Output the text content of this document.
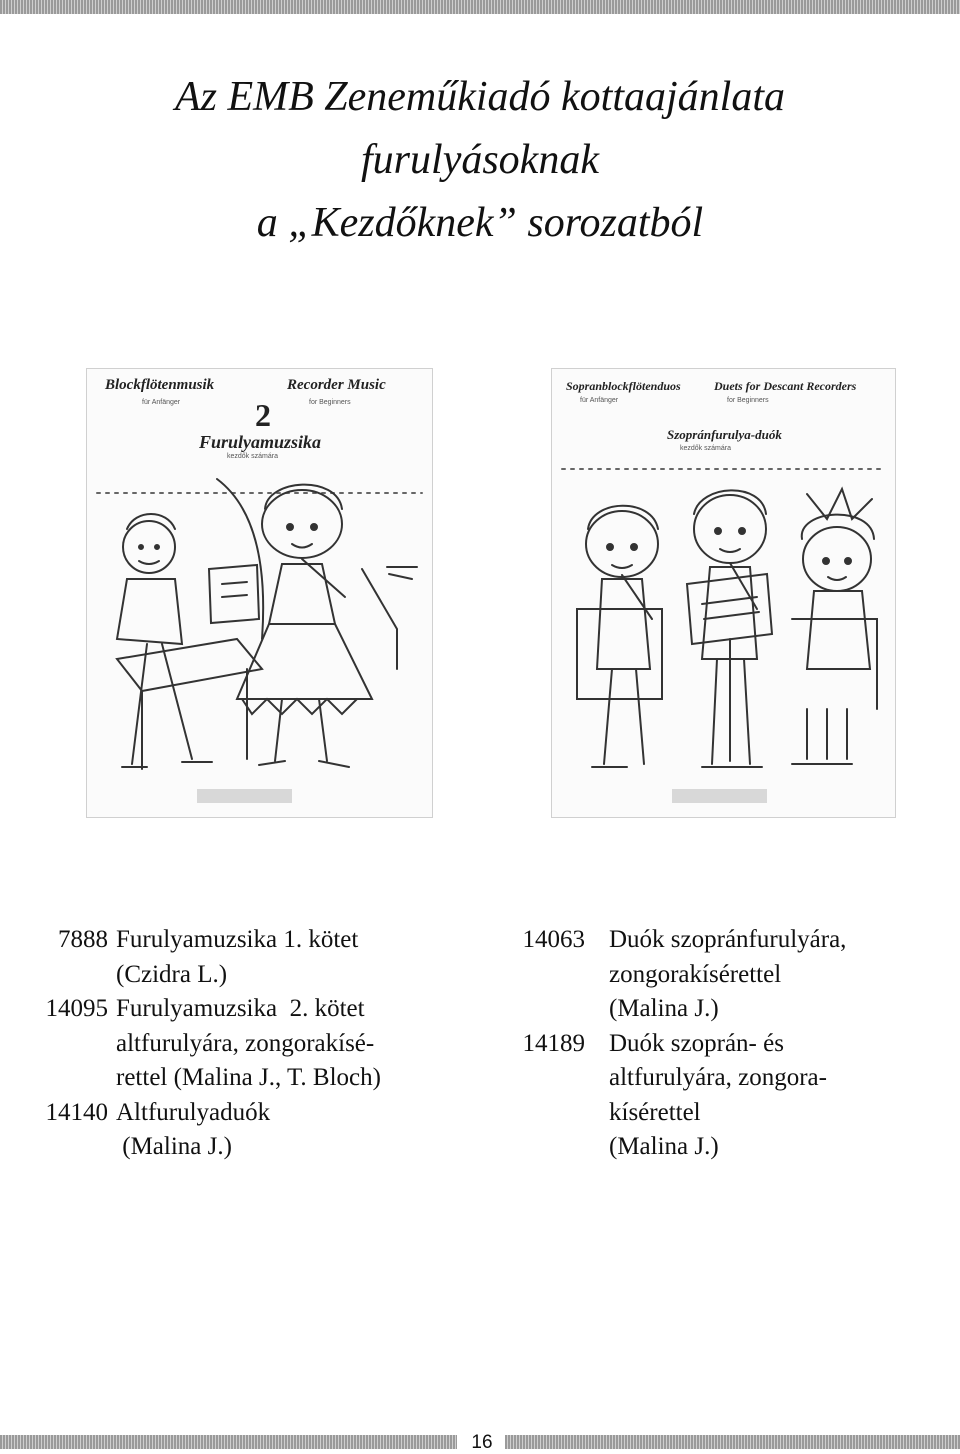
Az EMB Zeneműkiadó kottaajánlata
furulyásoknak
a „Kezdőknek” sorozatból
Blockflötenmusik
für Anfänger
Recorder Music
for Beginners
2
Furulyamuzsika
kezdők számára
Sopranblockflötenduos
für Anfänger
Duets for Descant Recorders
for Beginners
Szopránfurulya-duók
kezdők számára
7888 Furulyamuzsika 1. kötet
(Czidra L.)
14095 Furulyamuzsika  2. kötet
altfurulyára, zongorakísé-
rettel (Malina J., T. Bloch)
14140 Altfurulyaduók
(Malina J.)
14063 Duók szopránfurulyára,
zongorakísérettel
(Malina J.)
14189 Duók szoprán- és
altfurulyára, zongora-
kísérettel
(Malina J.)
16
